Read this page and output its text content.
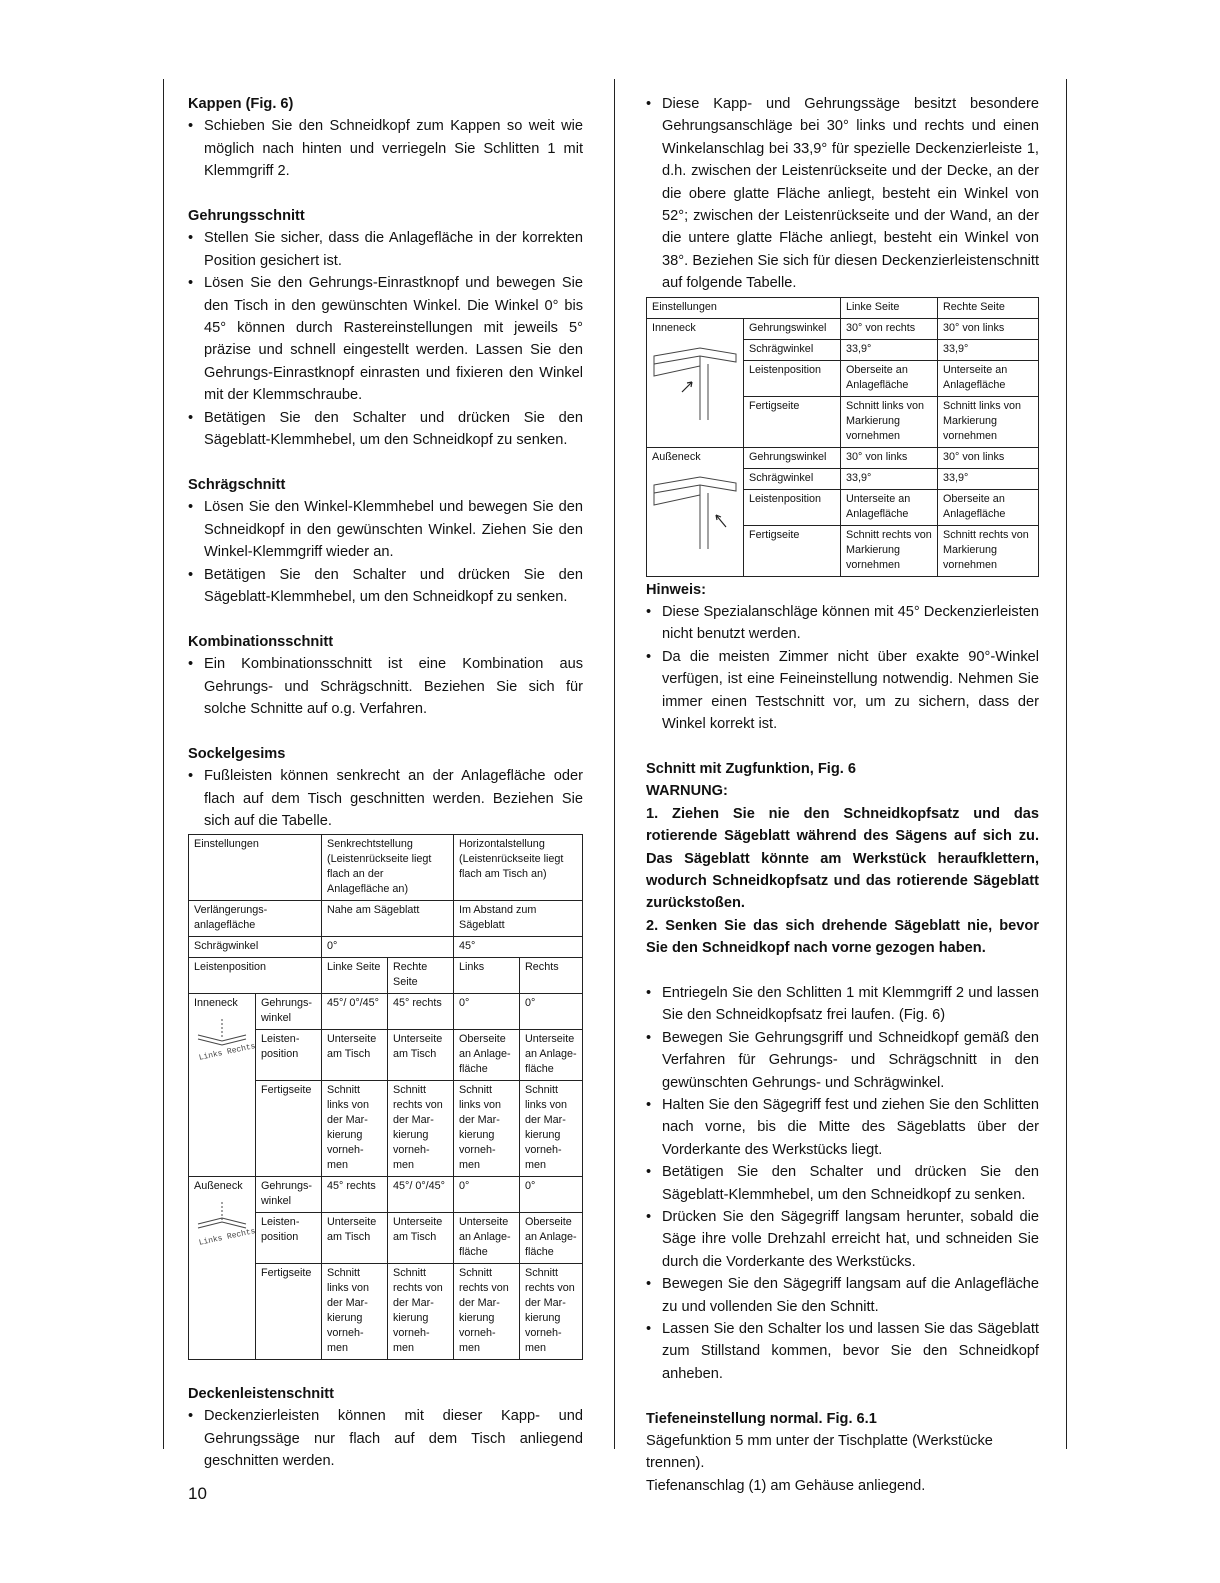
Kappen (Fig. 6)
• Schieben Sie den Schneidkopf zum Kappen so weit wie möglich nach hinten und verriegeln Sie Schlitten 1 mit Klemmgriff 2.
Gehrungsschnitt
• Stellen Sie sicher, dass die Anlagefläche in der korrekten Position gesichert ist.
• Lösen Sie den Gehrungs-Einrastknopf und bewegen Sie den Tisch in den gewünschten Winkel. Die Winkel 0° bis 45° können durch Rastereinstellungen mit jeweils 5° präzise und schnell eingestellt werden. Lassen Sie den Gehrungs-Einrastknopf einrasten und fixieren den Winkel mit der Klemmschraube.
• Betätigen Sie den Schalter und drücken Sie den Sägeblatt-Klemmhebel, um den Schneidkopf zu senken.
Schrägschnitt
• Lösen Sie den Winkel-Klemmhebel und bewegen Sie den Schneidkopf in den gewünschten Winkel. Ziehen Sie den Winkel-Klemmgriff wieder an.
• Betätigen Sie den Schalter und drücken Sie den Sägeblatt-Klemmhebel, um den Schneidkopf zu senken.
Kombinationsschnitt
• Ein Kombinationsschnitt ist eine Kombination aus Gehrungs- und Schrägschnitt. Beziehen Sie sich für solche Schnitte auf o.g. Verfahren.
Sockelgesims
• Fußleisten können senkrecht an der Anlagefläche oder flach auf dem Tisch geschnitten werden. Beziehen Sie sich auf die Tabelle.
Einstellungen		Senkrechtstellung (Leistenrückseite liegt flach an der Anlagefläche an)		Horizontalstellung (Leistenrückseite liegt flach am Tisch an)	
Verlängerungs-anlagefläche		Nahe am Sägeblatt		Im Abstand zum Sägeblatt	
Schrägwinkel		0°		45°	
Leistenposition		Linke Seite	Rechte Seite	Links	Rechts

Inneneck
Links Rechts	Gehrungs-winkel	45°/ 0°/45°	45° rechts	0°	0°
	Leisten-position	Unterseite am Tisch	Unterseite am Tisch	Oberseite an Anlage-fläche	Unterseite an Anlage-fläche
	Fertigseite	Schnitt links von der Mar-kierung vorneh-men	Schnitt rechts von der Mar-kierung vorneh-men	Schnitt links von der Mar-kierung vorneh-men	Schnitt links von der Mar-kierung vorneh-men

Außeneck
Links Rechts	Gehrungs-winkel	45° rechts	45°/ 0°/45°	0°	0°
	Leisten-position	Unterseite am Tisch	Unterseite am Tisch	Unterseite an Anlage-fläche	Oberseite an Anlage-fläche
	Fertigseite	Schnitt links von der Mar-kierung vorneh-men	Schnitt rechts von der Mar-kierung vorneh-men	Schnitt rechts von der Mar-kierung vorneh-men	Schnitt rechts von der Mar-kierung vorneh-men
Deckenleistenschnitt
• Deckenzierleisten können mit dieser Kapp- und Gehrungssäge nur flach auf dem Tisch anliegend geschnitten werden.
• Diese Kapp- und Gehrungssäge besitzt besondere Gehrungsanschläge bei 30° links und rechts und einen Winkelanschlag bei 33,9° für spezielle Deckenzierleiste 1, d.h. zwischen der Leistenrückseite und der Decke, an der die obere glatte Fläche anliegt, besteht ein Winkel von 52°; zwischen der Leistenrückseite und der Wand, an der die untere glatte Fläche anliegt, besteht ein Winkel von 38°. Beziehen Sie sich für diesen Deckenzierleistenschnitt auf folgende Tabelle.
Einstellungen		Linke Seite	Rechte Seite

Inneneck	Gehrungswinkel	30° von rechts	30° von links
	Schrägwinkel	33,9°	33,9°
	Leistenposition	Oberseite an Anlagefläche	Unterseite an Anlagefläche
	Fertigseite	Schnitt links von Markierung vornehmen	Schnitt links von Markierung vornehmen

Außeneck	Gehrungswinkel	30° von links	30° von links
	Schrägwinkel	33,9°	33,9°
	Leistenposition	Unterseite an Anlagefläche	Oberseite an Anlagefläche
	Fertigseite	Schnitt rechts von Markierung vornehmen	Schnitt rechts von Markierung vornehmen
Hinweis:
• Diese Spezialanschläge können mit 45° Deckenzierleisten nicht benutzt werden.
• Da die meisten Zimmer nicht über exakte 90°-Winkel verfügen, ist eine Feineinstellung notwendig. Nehmen Sie immer einen Testschnitt vor, um zu sichern, dass der Winkel korrekt ist.
Schnitt mit Zugfunktion, Fig. 6
WARNUNG:
1. Ziehen Sie nie den Schneidkopfsatz und das rotierende Sägeblatt während des Sägens auf sich zu. Das Sägeblatt könnte am Werkstück heraufklettern, wodurch Schneidkopfsatz und das rotierende Sägeblatt zurückstoßen.
2. Senken Sie das sich drehende Sägeblatt nie, bevor Sie den Schneidkopf nach vorne gezogen haben.
• Entriegeln Sie den Schlitten 1 mit Klemmgriff 2 und lassen Sie den Schneidkopfsatz frei laufen. (Fig. 6)
• Bewegen Sie Gehrungsgriff und Schneidkopf gemäß den Verfahren für Gehrungs- und Schrägschnitt in den gewünschten Gehrungs- und Schrägwinkel.
• Halten Sie den Sägegriff fest und ziehen Sie den Schlitten nach vorne, bis die Mitte des Sägeblatts über der Vorderkante des Werkstücks liegt.
• Betätigen Sie den Schalter und drücken Sie den Sägeblatt-Klemmhebel, um den Schneidkopf zu senken.
• Drücken Sie den Sägegriff langsam herunter, sobald die Säge ihre volle Drehzahl erreicht hat, und schneiden Sie durch die Vorderkante des Werkstücks.
• Bewegen Sie den Sägegriff langsam auf die Anlagefläche zu und vollenden Sie den Schnitt.
• Lassen Sie den Schalter los und lassen Sie das Sägeblatt zum Stillstand kommen, bevor Sie den Schneidkopf anheben.
Tiefeneinstellung normal. Fig. 6.1
Sägefunktion 5 mm unter der Tischplatte (Werkstücke trennen).
Tiefenanschlag (1) am Gehäuse anliegend.
10
